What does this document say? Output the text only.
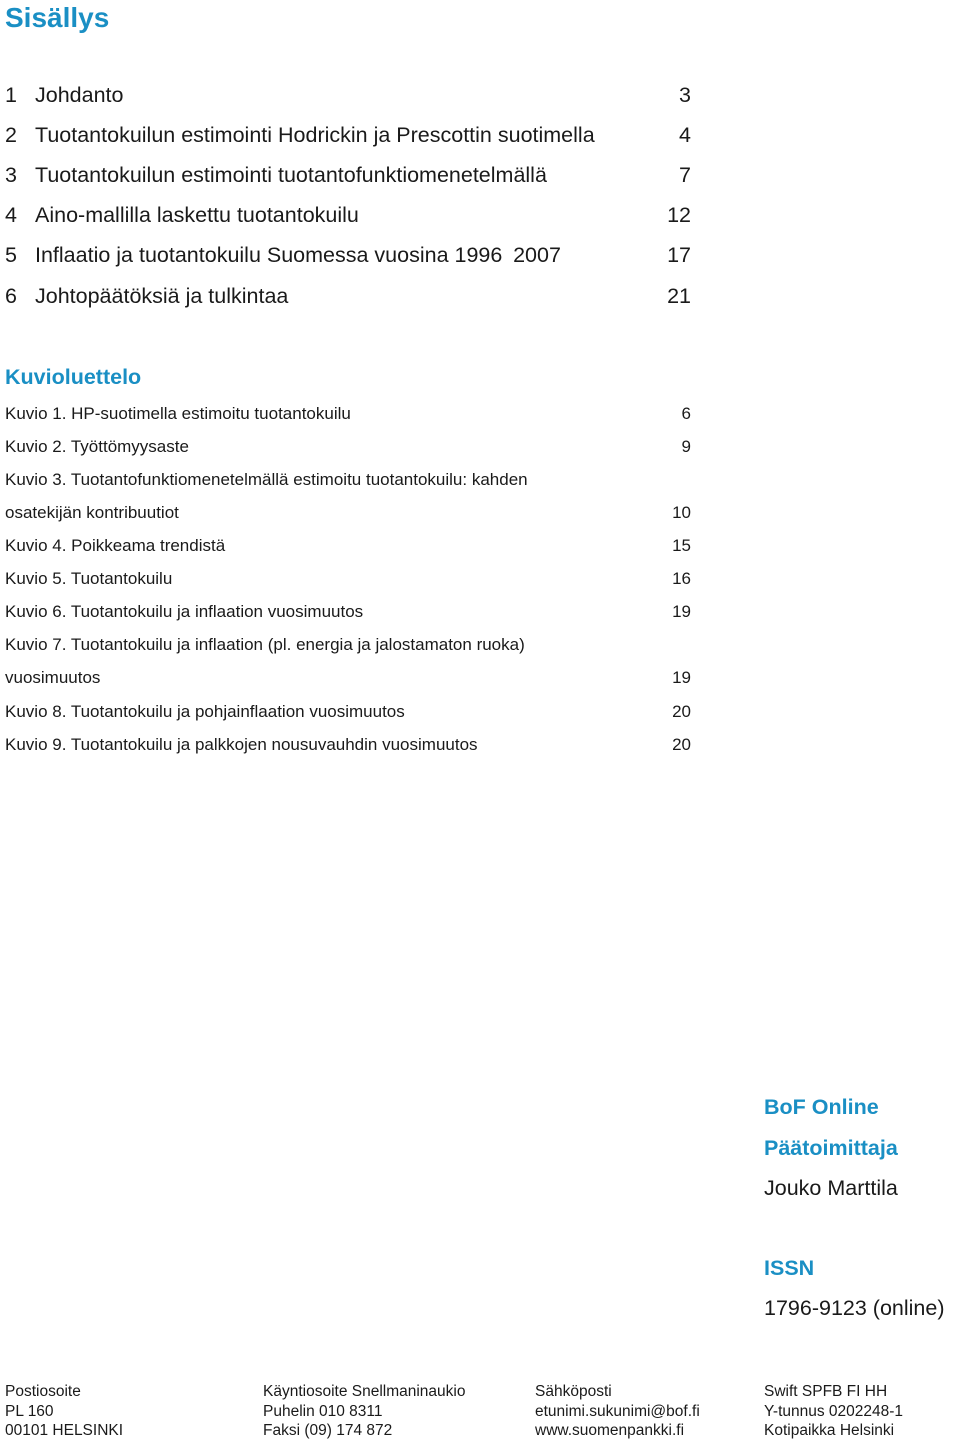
Sisällys
1 Johdanto	3
2 Tuotantokuilun estimointi Hodrickin ja Prescottin suotimella	4
3 Tuotantokuilun estimointi tuotantofunktiomenetelmällä	7
4 Aino-mallilla laskettu tuotantokuilu	12
5 Inflaatio ja tuotantokuilu Suomessa vuosina 1996 2007	17
6 Johtopäätöksiä ja tulkintaa	21
Kuvioluettelo
Kuvio 1. HP-suotimella estimoitu tuotantokuilu	6
Kuvio 2. Työttömyysaste	9
Kuvio 3. Tuotantofunktiomenetelmällä estimoitu tuotantokuilu: kahden
osatekijän kontribuutiot	10
Kuvio 4. Poikkeama trendistä	15
Kuvio 5. Tuotantokuilu	16
Kuvio 6. Tuotantokuilu ja inflaation vuosimuutos	19
Kuvio 7. Tuotantokuilu ja inflaation (pl. energia ja jalostamaton ruoka)
vuosimuutos	19
Kuvio 8. Tuotantokuilu ja pohjainflaation vuosimuutos	20
Kuvio 9. Tuotantokuilu ja palkkojen nousuvauhdin vuosimuutos	20
BoF Online
Päätoimittaja
Jouko Marttila
ISSN
1796-9123 (online)
Postiosoite
PL 160
00101 HELSINKI
Käyntiosoite Snellmaninaukio
Puhelin 010 8311
Faksi (09) 174 872
Sähköposti
etunimi.sukunimi@bof.fi
www.suomenpankki.fi
Swift SPFB FI HH
Y-tunnus 0202248-1
Kotipaikka Helsinki
